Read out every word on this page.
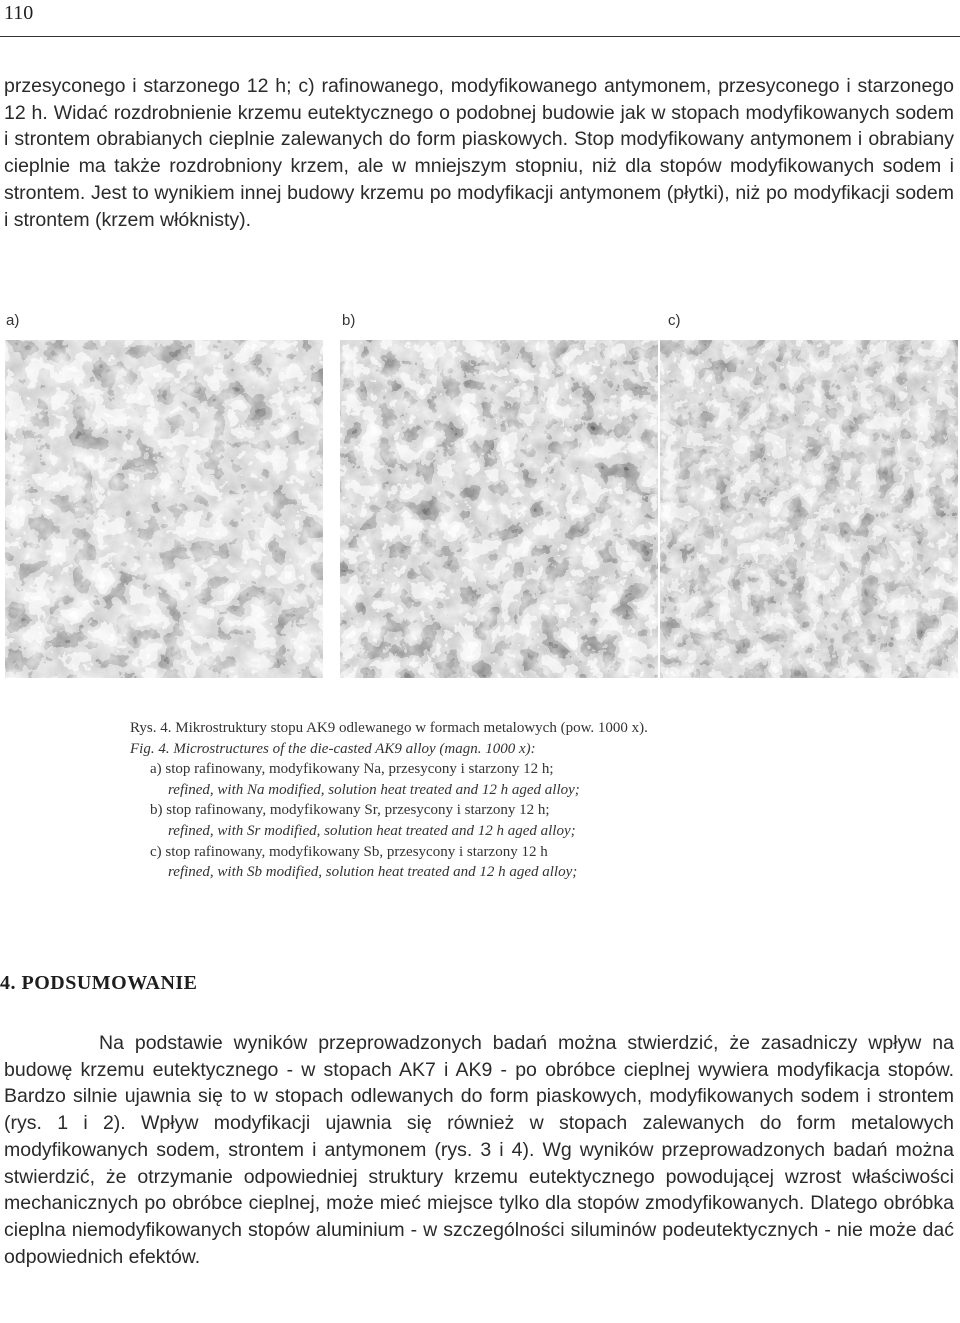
110
przesyconego i starzonego 12 h; c) rafinowanego, modyfikowanego antymonem, przesyconego i starzonego 12 h. Widać rozdrobnienie krzemu eutektycznego o podobnej budowie jak w stopach modyfikowanych sodem i strontem obrabianych cieplnie zalewanych do form piaskowych. Stop modyfikowany antymonem i obrabiany cieplnie ma także rozdrobniony krzem, ale w mniejszym stopniu, niż dla stopów modyfikowanych sodem i strontem. Jest to wynikiem innej budowy krzemu po modyfikacji antymonem (płytki), niż po modyfikacji sodem i strontem (krzem włóknisty).
a)	b)	c)
Rys. 4. Mikrostruktury stopu AK9 odlewanego w formach metalowych (pow. 1000 x).
Fig. 4. Microstructures of the die-casted AK9 alloy (magn. 1000 x):
a) stop rafinowany, modyfikowany Na, przesycony i starzony 12 h;
refined, with Na modified, solution heat treated and 12 h aged alloy;
b) stop rafinowany, modyfikowany Sr, przesycony i starzony 12 h;
refined, with Sr modified, solution heat treated and 12 h aged alloy;
c) stop rafinowany, modyfikowany Sb, przesycony i starzony 12 h
refined, with Sb modified, solution heat treated and 12 h aged alloy;
4. PODSUMOWANIE
Na podstawie wyników przeprowadzonych badań można stwierdzić, że zasadniczy wpływ na budowę krzemu eutektycznego - w stopach AK7 i AK9 - po obróbce cieplnej wywiera modyfikacja stopów. Bardzo silnie ujawnia się to w stopach odlewanych do form piaskowych, modyfikowanych sodem i strontem (rys. 1 i 2). Wpływ modyfikacji ujawnia się również w stopach zalewanych do form metalowych modyfikowanych sodem, strontem i antymonem (rys. 3 i 4). Wg wyników przeprowadzonych badań można stwierdzić, że otrzymanie odpowiedniej struktury krzemu eutektycznego powodującej wzrost właściwości mechanicznych po obróbce cieplnej, może mieć miejsce tylko dla stopów zmodyfikowanych. Dlatego obróbka cieplna niemodyfikowanych stopów aluminium - w szczególności siluminów podeutektycznych - nie może dać odpowiednich efektów.
